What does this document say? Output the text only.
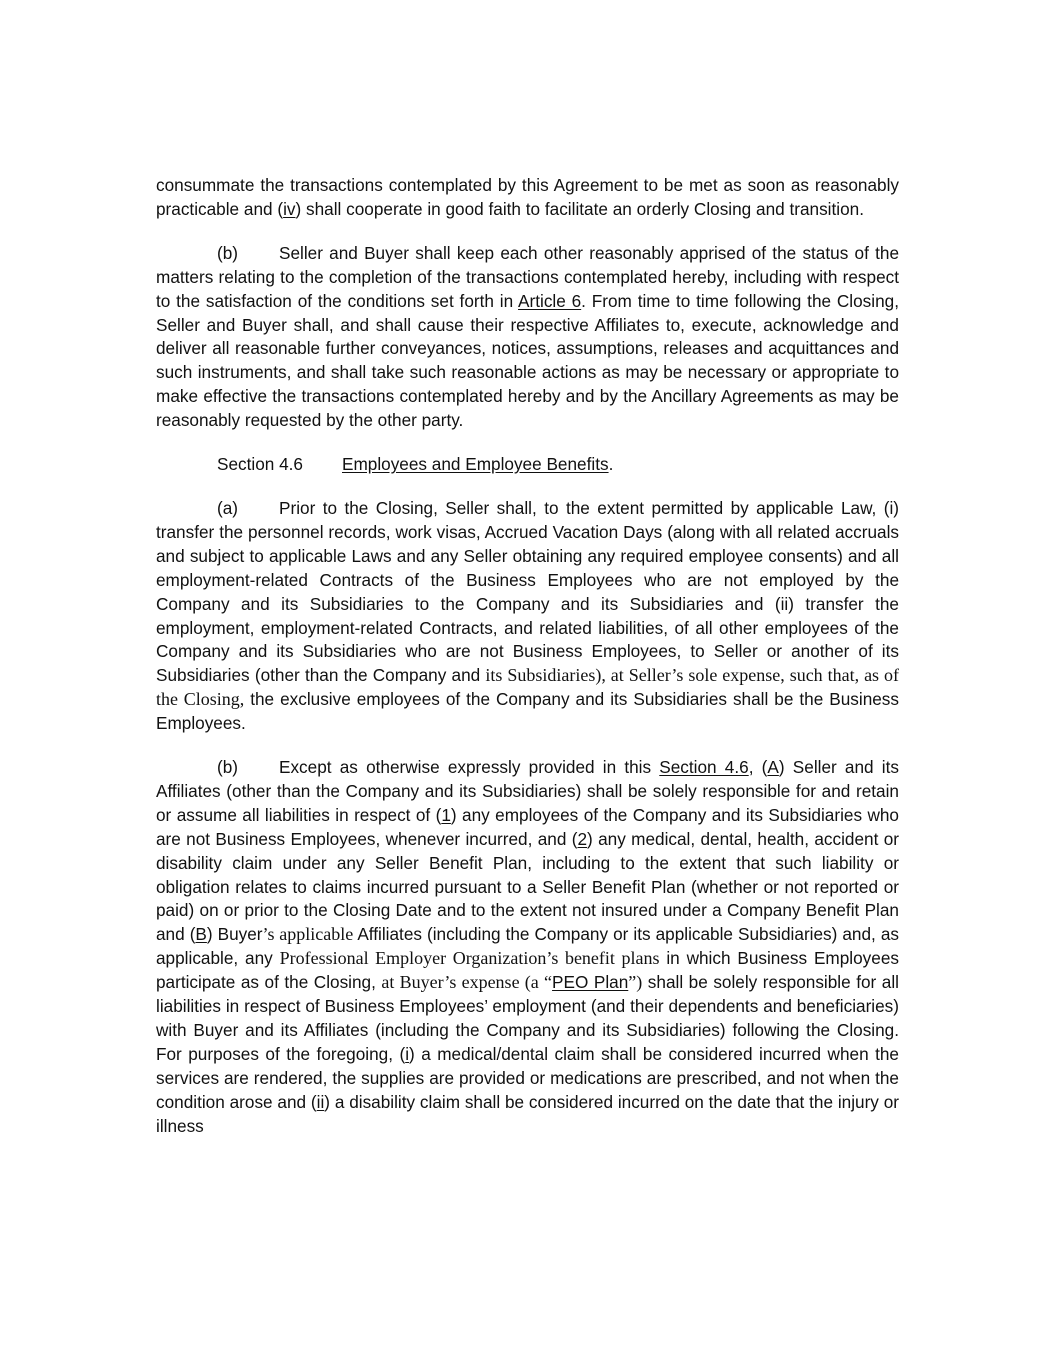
consummate the transactions contemplated by this Agreement to be met as soon as reasonably practicable and (iv) shall cooperate in good faith to facilitate an orderly Closing and transition.

(b) Seller and Buyer shall keep each other reasonably apprised of the status of the matters relating to the completion of the transactions contemplated hereby, including with respect to the satisfaction of the conditions set forth in Article 6. From time to time following the Closing, Seller and Buyer shall, and shall cause their respective Affiliates to, execute, acknowledge and deliver all reasonable further conveyances, notices, assumptions, releases and acquittances and such instruments, and shall take such reasonable actions as may be necessary or appropriate to make effective the transactions contemplated hereby and by the Ancillary Agreements as may be reasonably requested by the other party.

Section 4.6 Employees and Employee Benefits.

(a) Prior to the Closing, Seller shall, to the extent permitted by applicable Law, (i) transfer the personnel records, work visas, Accrued Vacation Days (along with all related accruals and subject to applicable Laws and any Seller obtaining any required employee consents) and all employment-related Contracts of the Business Employees who are not employed by the Company and its Subsidiaries to the Company and its Subsidiaries and (ii) transfer the employment, employment-related Contracts, and related liabilities, of all other employees of the Company and its Subsidiaries who are not Business Employees, to Seller or another of its Subsidiaries (other than the Company and its Subsidiaries), at Seller’s sole expense, such that, as of the Closing, the exclusive employees of the Company and its Subsidiaries shall be the Business Employees.

(b) Except as otherwise expressly provided in this Section 4.6, (A) Seller and its Affiliates (other than the Company and its Subsidiaries) shall be solely responsible for and retain or assume all liabilities in respect of (1) any employees of the Company and its Subsidiaries who are not Business Employees, whenever incurred, and (2) any medical, dental, health, accident or disability claim under any Seller Benefit Plan, including to the extent that such liability or obligation relates to claims incurred pursuant to a Seller Benefit Plan (whether or not reported or paid) on or prior to the Closing Date and to the extent not insured under a Company Benefit Plan and (B) Buyer’s applicable Affiliates (including the Company or its applicable Subsidiaries) and, as applicable, any Professional Employer Organization’s benefit plans in which Business Employees participate as of the Closing, at Buyer’s expense (a “PEO Plan”) shall be solely responsible for all liabilities in respect of Business Employees’ employment (and their dependents and beneficiaries) with Buyer and its Affiliates (including the Company and its Subsidiaries) following the Closing. For purposes of the foregoing, (i) a medical/dental claim shall be considered incurred when the services are rendered, the supplies are provided or medications are prescribed, and not when the condition arose and (ii) a disability claim shall be considered incurred on the date that the injury or illness
